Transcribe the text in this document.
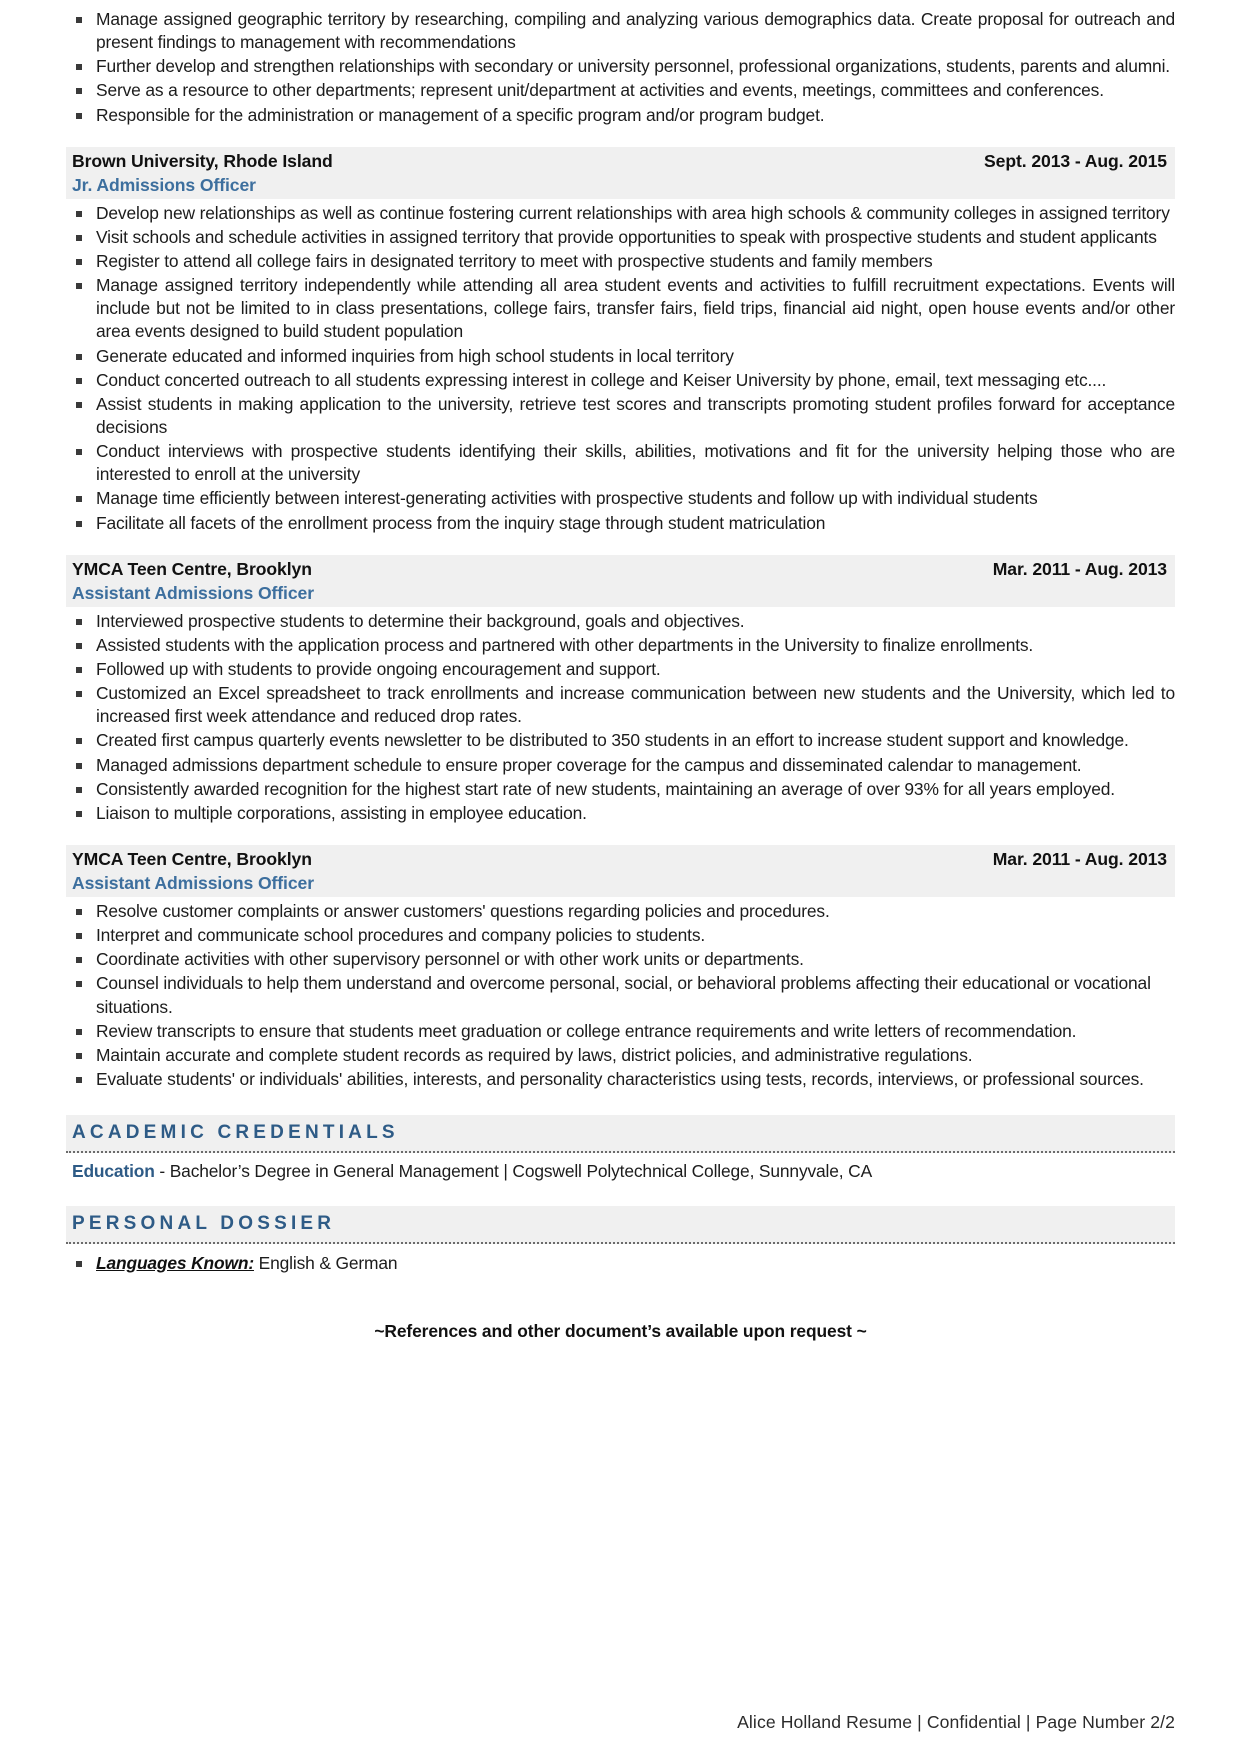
Manage assigned geographic territory by researching, compiling and analyzing various demographics data. Create proposal for outreach and present findings to management with recommendations
Further develop and strengthen relationships with secondary or university personnel, professional organizations, students, parents and alumni.
Serve as a resource to other departments; represent unit/department at activities and events, meetings, committees and conferences.
Responsible for the administration or management of a specific program and/or program budget.
Brown University, Rhode Island	Sept. 2013 - Aug. 2015
Jr. Admissions Officer
Develop new relationships as well as continue fostering current relationships with area high schools & community colleges in assigned territory
Visit schools and schedule activities in assigned territory that provide opportunities to speak with prospective students and student applicants
Register to attend all college fairs in designated territory to meet with prospective students and family members
Manage assigned territory independently while attending all area student events and activities to fulfill recruitment expectations. Events will include but not be limited to in class presentations, college fairs, transfer fairs, field trips, financial aid night, open house events and/or other area events designed to build student population
Generate educated and informed inquiries from high school students in local territory
Conduct concerted outreach to all students expressing interest in college and Keiser University by phone, email, text messaging etc....
Assist students in making application to the university, retrieve test scores and transcripts promoting student profiles forward for acceptance decisions
Conduct interviews with prospective students identifying their skills, abilities, motivations and fit for the university helping those who are interested to enroll at the university
Manage time efficiently between interest-generating activities with prospective students and follow up with individual students
Facilitate all facets of the enrollment process from the inquiry stage through student matriculation
YMCA Teen Centre, Brooklyn	Mar. 2011 - Aug. 2013
Assistant Admissions Officer
Interviewed prospective students to determine their background, goals and objectives.
Assisted students with the application process and partnered with other departments in the University to finalize enrollments.
Followed up with students to provide ongoing encouragement and support.
Customized an Excel spreadsheet to track enrollments and increase communication between new students and the University, which led to increased first week attendance and reduced drop rates.
Created first campus quarterly events newsletter to be distributed to 350 students in an effort to increase student support and knowledge.
Managed admissions department schedule to ensure proper coverage for the campus and disseminated calendar to management.
Consistently awarded recognition for the highest start rate of new students, maintaining an average of over 93% for all years employed.
Liaison to multiple corporations, assisting in employee education.
YMCA Teen Centre, Brooklyn	Mar. 2011 - Aug. 2013
Assistant Admissions Officer
Resolve customer complaints or answer customers' questions regarding policies and procedures.
Interpret and communicate school procedures and company policies to students.
Coordinate activities with other supervisory personnel or with other work units or departments.
Counsel individuals to help them understand and overcome personal, social, or behavioral problems affecting their educational or vocational situations.
Review transcripts to ensure that students meet graduation or college entrance requirements and write letters of recommendation.
Maintain accurate and complete student records as required by laws, district policies, and administrative regulations.
Evaluate students' or individuals' abilities, interests, and personality characteristics using tests, records, interviews, or professional sources.
ACADEMIC CREDENTIALS
Education - Bachelor’s Degree in General Management | Cogswell Polytechnical College, Sunnyvale, CA
PERSONAL DOSSIER
Languages Known: English & German
~References and other document’s available upon request ~
Alice Holland Resume | Confidential | Page Number 2/2
